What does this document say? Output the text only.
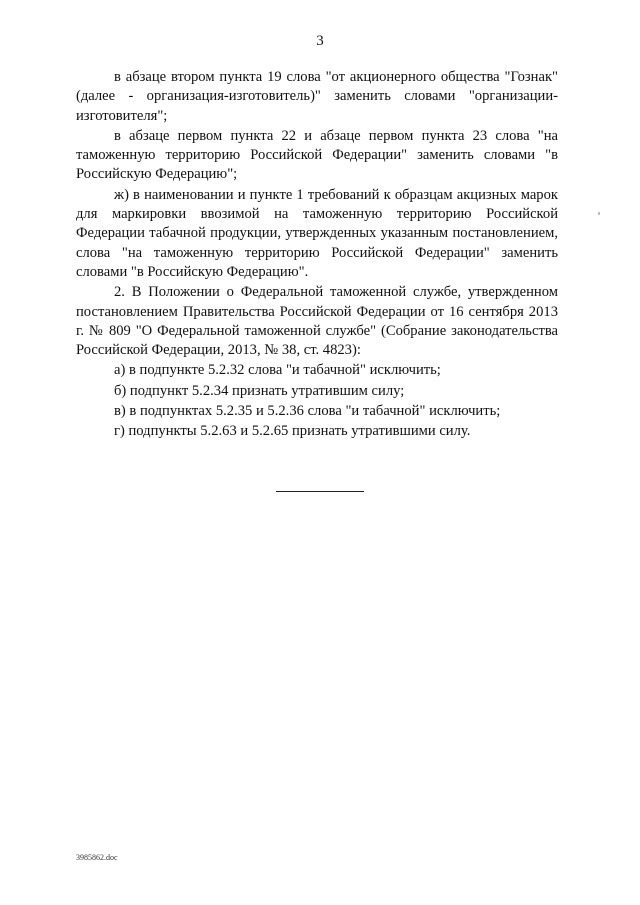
3

в абзаце втором пункта 19 слова "от акционерного общества "Гознак" (далее - организация-изготовитель)" заменить словами "организации-изготовителя";

в абзаце первом пункта 22 и абзаце первом пункта 23 слова "на таможенную территорию Российской Федерации" заменить словами "в Российскую Федерацию";

ж) в наименовании и пункте 1 требований к образцам акцизных марок для маркировки ввозимой на таможенную территорию Российской Федерации табачной продукции, утвержденных указанным постановлением, слова "на таможенную территорию Российской Федерации" заменить словами "в Российскую Федерацию".

2. В Положении о Федеральной таможенной службе, утвержденном постановлением Правительства Российской Федерации от 16 сентября 2013 г. № 809 "О Федеральной таможенной службе" (Собрание законодательства Российской Федерации, 2013, № 38, ст. 4823):

а) в подпункте 5.2.32 слова "и табачной" исключить;

б) подпункт 5.2.34 признать утратившим силу;

в) в подпунктах 5.2.35 и 5.2.36 слова "и табачной" исключить;

г) подпункты 5.2.63 и 5.2.65 признать утратившими силу.

3985862.doc
